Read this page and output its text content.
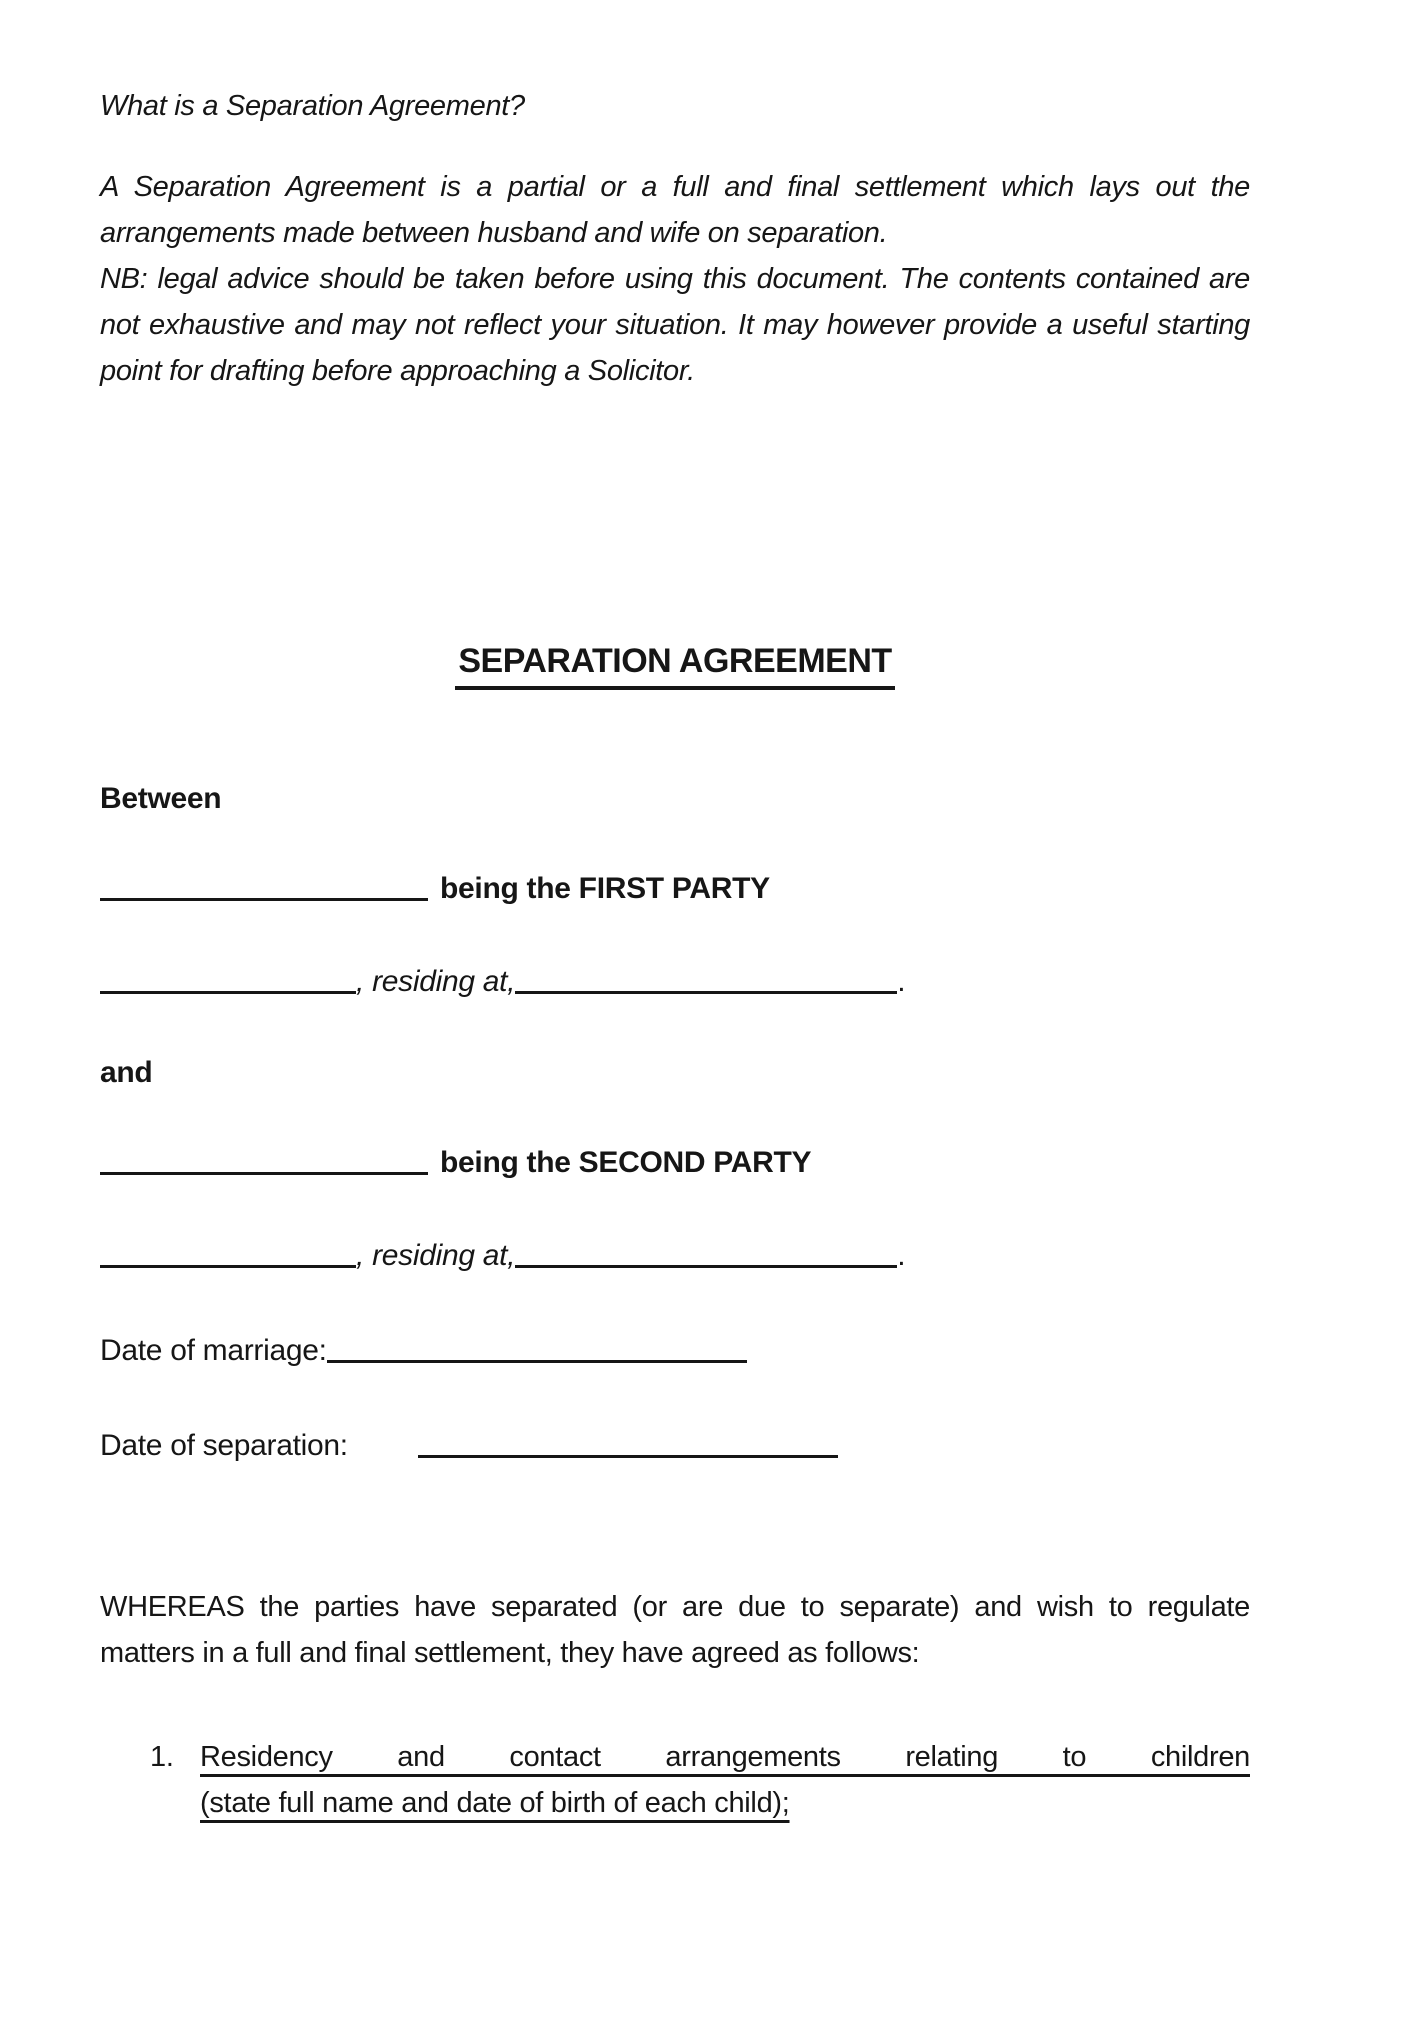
What is a Separation Agreement?

A Separation Agreement is a partial or a full and final settlement which lays out the arrangements made between husband and wife on separation.

NB: legal advice should be taken before using this document. The contents contained are not exhaustive and may not reflect your situation. It may however provide a useful starting point for drafting before approaching a Solicitor.

SEPARATION AGREEMENT

Between

being the FIRST PARTY
, residing at,	.

and

being the SECOND PARTY
, residing at,	.
Date of marriage:
Date of separation:

WHEREAS the parties have separated (or are due to separate) and wish to regulate matters in a full and final settlement, they have agreed as follows:

1. Residency and contact arrangements relating to children
(state full name and date of birth of each child);
